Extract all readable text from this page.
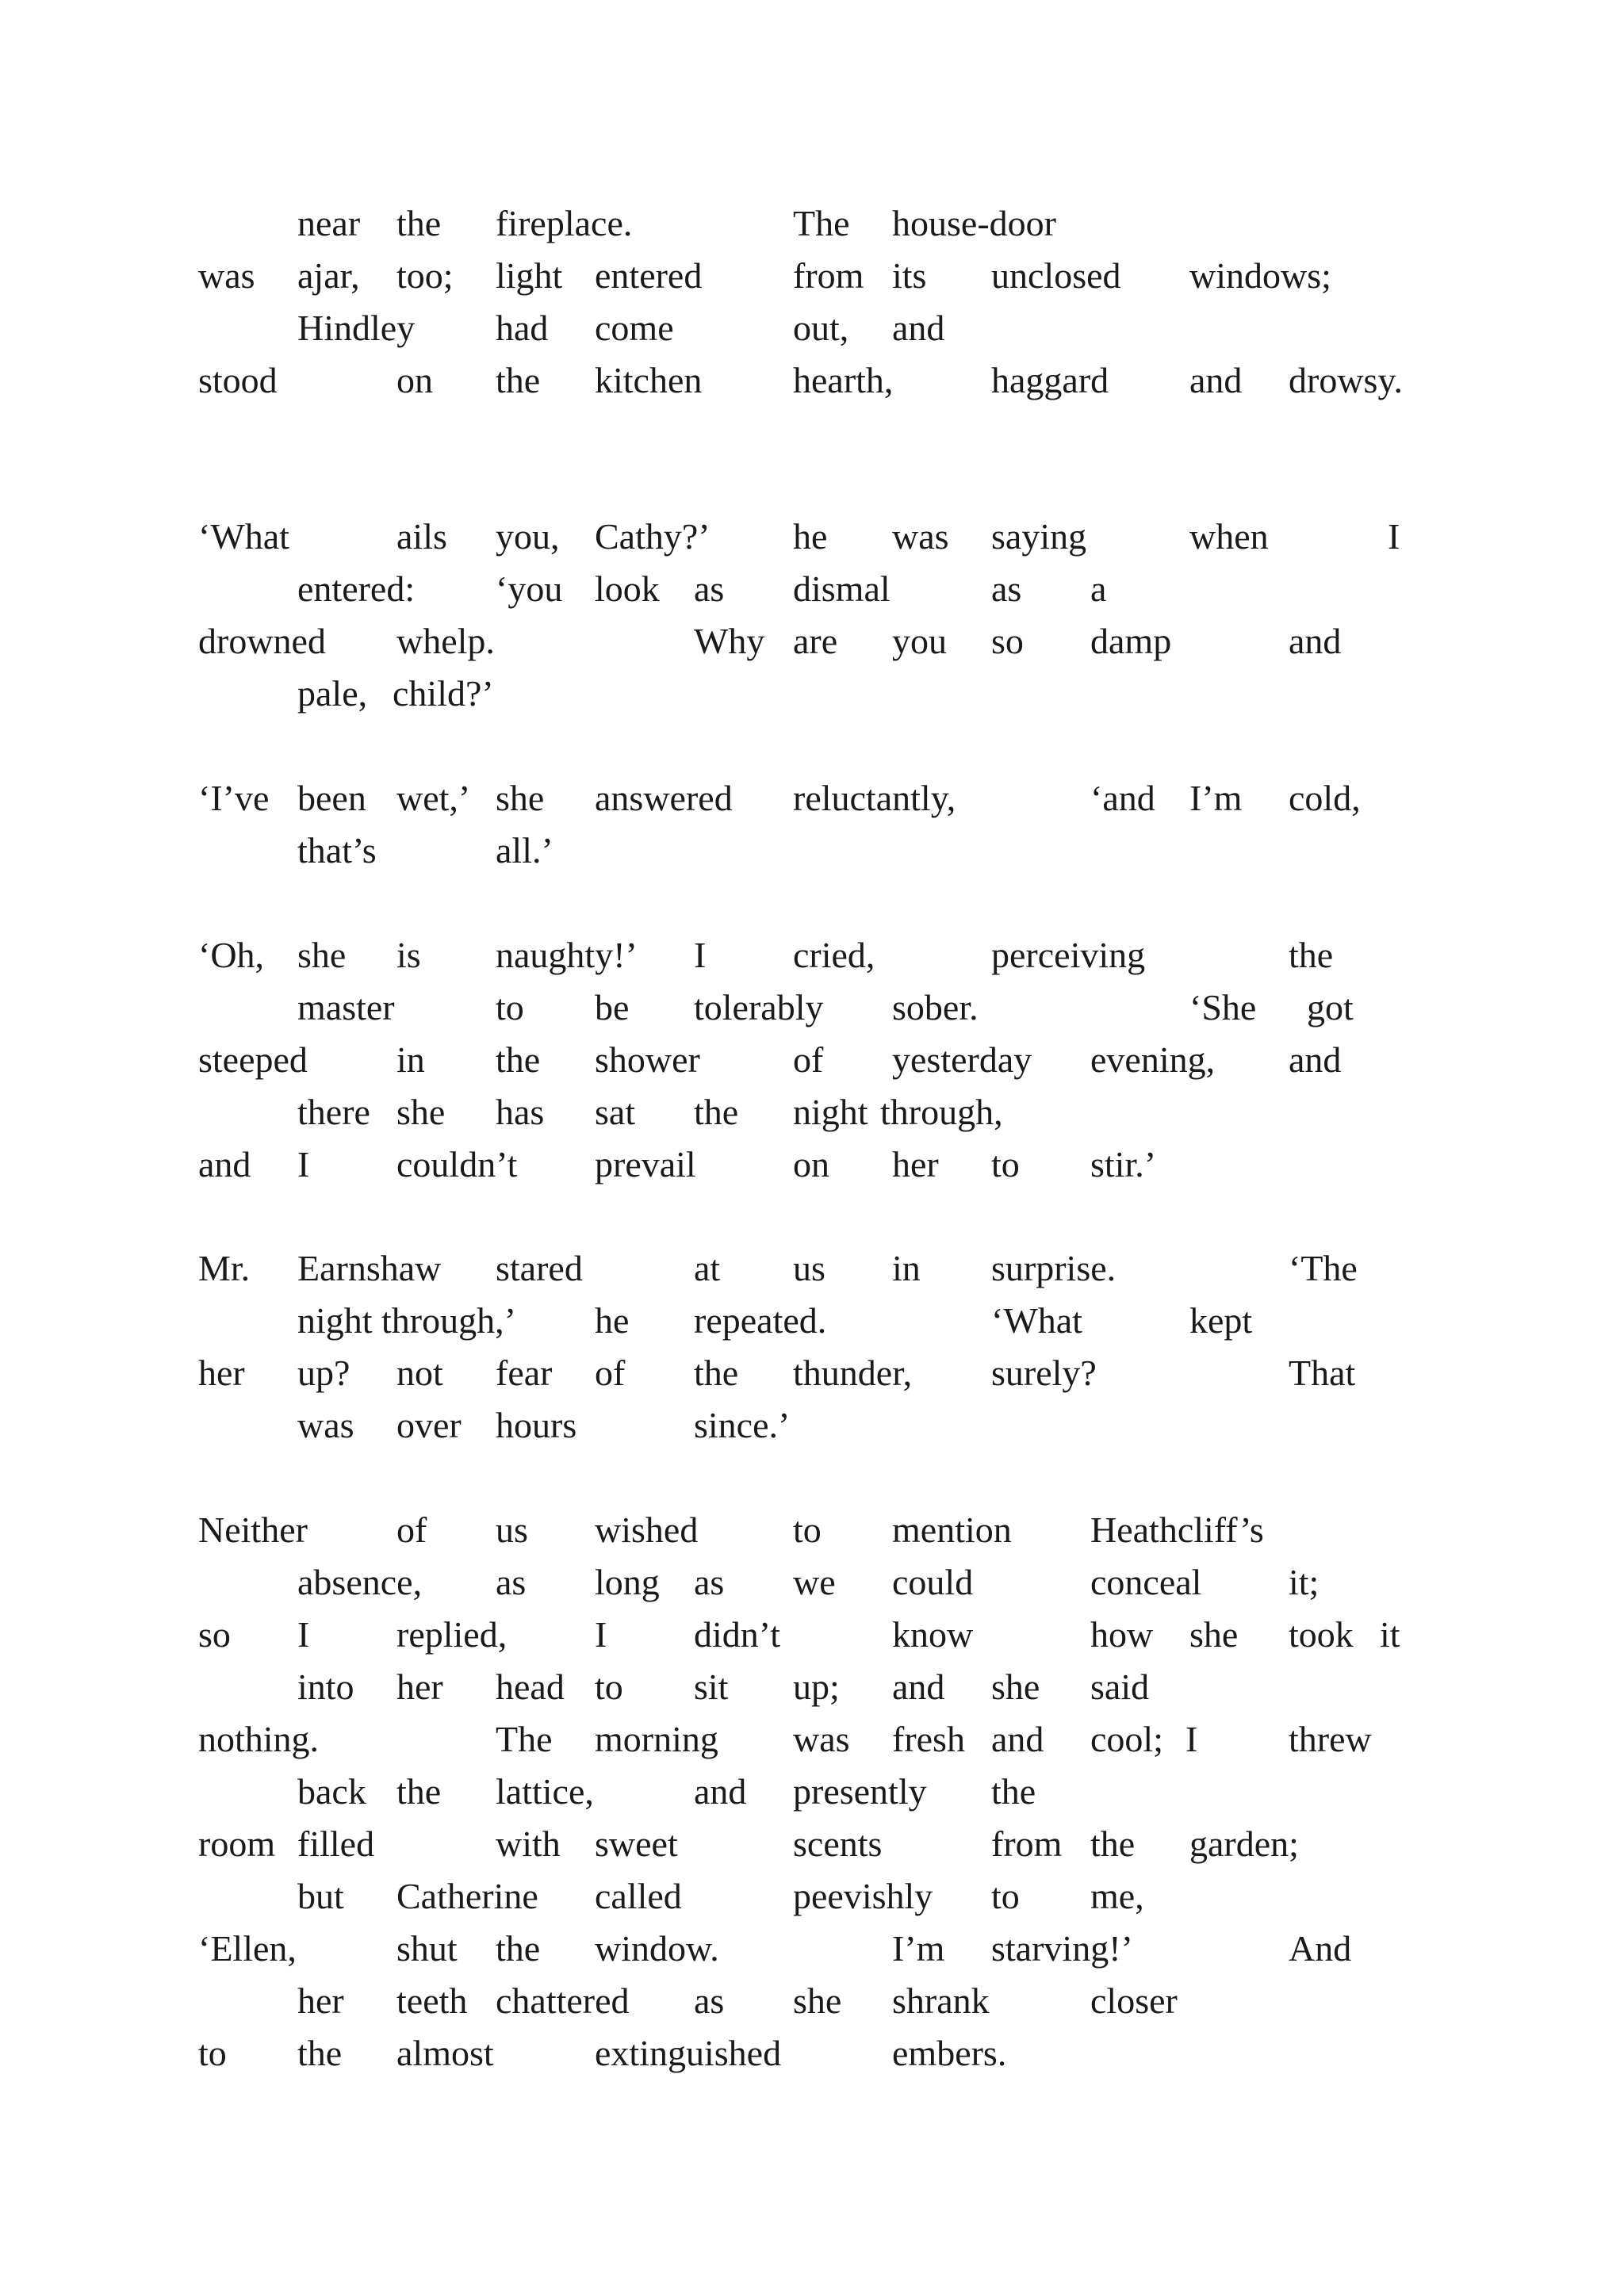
near the fireplace.	The house-door
was ajar, too; light entered from its unclosed windows;
Hindley had come	out, and
stood	on the kitchen hearth,	haggard and drowsy.
‘What	ails you, Cathy?’ he was saying	when	I
entered: ‘you look as dismal	as a
drowned whelp.	Why are you so damp	and
pale, child?’
‘I’ve been wet,’ she answered reluctantly,	‘and I’m cold,
that’s	all.’
‘Oh, she is naughty!’ I cried,	perceiving	the
master	to be tolerably sober.	‘She got
steeped in the shower	of yesterday evening, and
there she has sat the night through,
and I couldn’t prevail	on her to stir.’
Mr. Earnshaw stared	at us in surprise.	‘The
night through,’ he repeated.	‘What	kept
her up? not fear of the thunder, surely?	That
was over hours	since.’
Neither of us wished	to mention Heathcliff’s
absence, as long as we could	conceal it;
so I replied, I didn’t	know	how she took it
into her head to sit up; and she said
nothing.	The morning was fresh and cool; I threw
back the lattice,	and presently the
room filled	with sweet	scents	from the garden;
but Catherine called	peevishly to me,
‘Ellen,	shut the window.	I’m starving!’	And
her teeth chattered as she shrank	closer
to the almost	extinguished	embers.
